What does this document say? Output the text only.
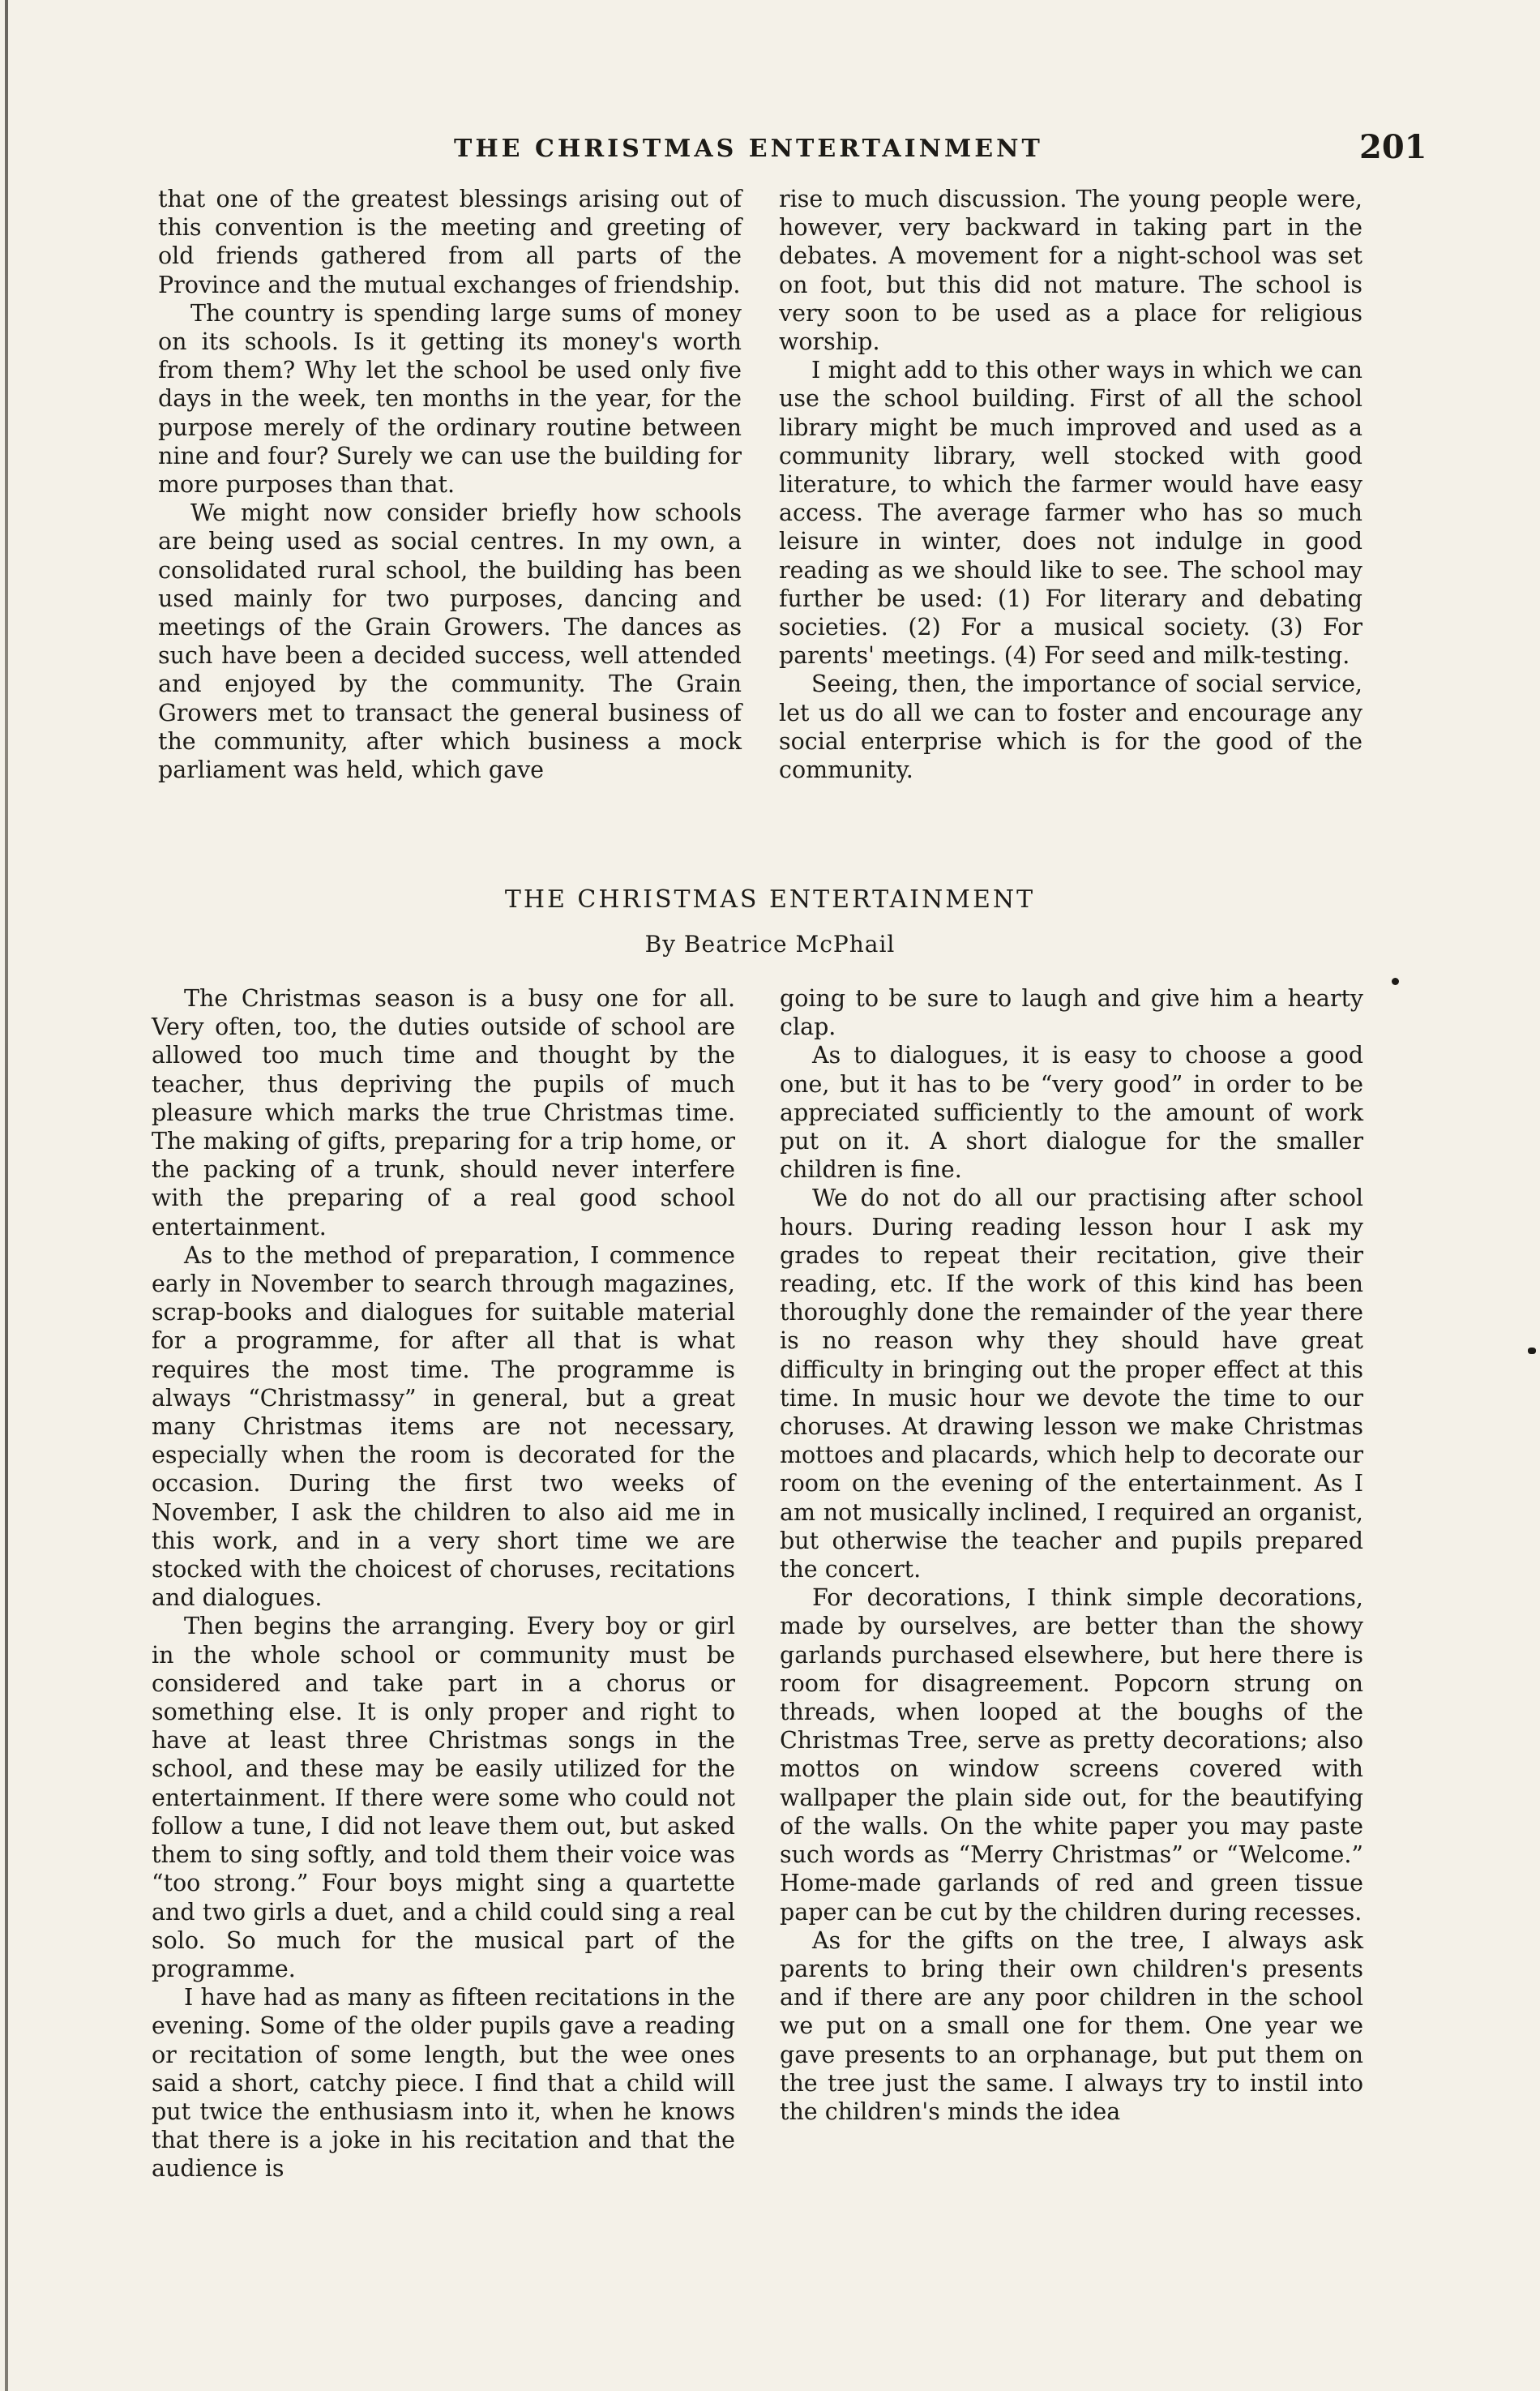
THE CHRISTMAS ENTERTAINMENT	201

that one of the greatest blessings arising out of this convention is the meeting and greeting of old friends gathered from all parts of the Province and the mutual exchanges of friendship.

The country is spending large sums of money on its schools. Is it getting its money's worth from them? Why let the school be used only five days in the week, ten months in the year, for the purpose merely of the ordinary routine between nine and four? Surely we can use the building for more purposes than that.

We might now consider briefly how schools are being used as social centres. In my own, a consolidated rural school, the building has been used mainly for two purposes, dancing and meetings of the Grain Growers. The dances as such have been a decided success, well attended and enjoyed by the community. The Grain Growers met to transact the general business of the community, after which business a mock parliament was held, which gave

rise to much discussion. The young people were, however, very backward in taking part in the debates. A movement for a night-school was set on foot, but this did not mature. The school is very soon to be used as a place for religious worship.

I might add to this other ways in which we can use the school building. First of all the school library might be much improved and used as a community library, well stocked with good literature, to which the farmer would have easy access. The average farmer who has so much leisure in winter, does not indulge in good reading as we should like to see. The school may further be used: (1) For literary and debating societies. (2) For a musical society. (3) For parents' meetings. (4) For seed and milk-testing.

Seeing, then, the importance of social service, let us do all we can to foster and encourage any social enterprise which is for the good of the community.

THE CHRISTMAS ENTERTAINMENT
By Beatrice McPhail

The Christmas season is a busy one for all. Very often, too, the duties outside of school are allowed too much time and thought by the teacher, thus depriving the pupils of much pleasure which marks the true Christmas time. The making of gifts, preparing for a trip home, or the packing of a trunk, should never interfere with the preparing of a real good school entertainment.

As to the method of preparation, I commence early in November to search through magazines, scrap-books and dialogues for suitable material for a programme, for after all that is what requires the most time. The programme is always “Christmassy” in general, but a great many Christmas items are not necessary, especially when the room is decorated for the occasion. During the first two weeks of November, I ask the children to also aid me in this work, and in a very short time we are stocked with the choicest of choruses, recitations and dialogues.

Then begins the arranging. Every boy or girl in the whole school or community must be considered and take part in a chorus or something else. It is only proper and right to have at least three Christmas songs in the school, and these may be easily utilized for the entertainment. If there were some who could not follow a tune, I did not leave them out, but asked them to sing softly, and told them their voice was “too strong.” Four boys might sing a quartette and two girls a duet, and a child could sing a real solo. So much for the musical part of the programme.

I have had as many as fifteen recitations in the evening. Some of the older pupils gave a reading or recitation of some length, but the wee ones said a short, catchy piece. I find that a child will put twice the enthusiasm into it, when he knows that there is a joke in his recitation and that the audience is

going to be sure to laugh and give him a hearty clap.

As to dialogues, it is easy to choose a good one, but it has to be “very good” in order to be appreciated sufficiently to the amount of work put on it. A short dialogue for the smaller children is fine.

We do not do all our practising after school hours. During reading lesson hour I ask my grades to repeat their recitation, give their reading, etc. If the work of this kind has been thoroughly done the remainder of the year there is no reason why they should have great difficulty in bringing out the proper effect at this time. In music hour we devote the time to our choruses. At drawing lesson we make Christmas mottoes and placards, which help to decorate our room on the evening of the entertainment. As I am not musically inclined, I required an organist, but otherwise the teacher and pupils prepared the concert.

For decorations, I think simple decorations, made by ourselves, are better than the showy garlands purchased elsewhere, but here there is room for disagreement. Popcorn strung on threads, when looped at the boughs of the Christmas Tree, serve as pretty decorations; also mottos on window screens covered with wallpaper the plain side out, for the beautifying of the walls. On the white paper you may paste such words as “Merry Christmas” or “Welcome.” Home-made garlands of red and green tissue paper can be cut by the children during recesses.

As for the gifts on the tree, I always ask parents to bring their own children's presents and if there are any poor children in the school we put on a small one for them. One year we gave presents to an orphanage, but put them on the tree just the same. I always try to instil into the children's minds the idea
